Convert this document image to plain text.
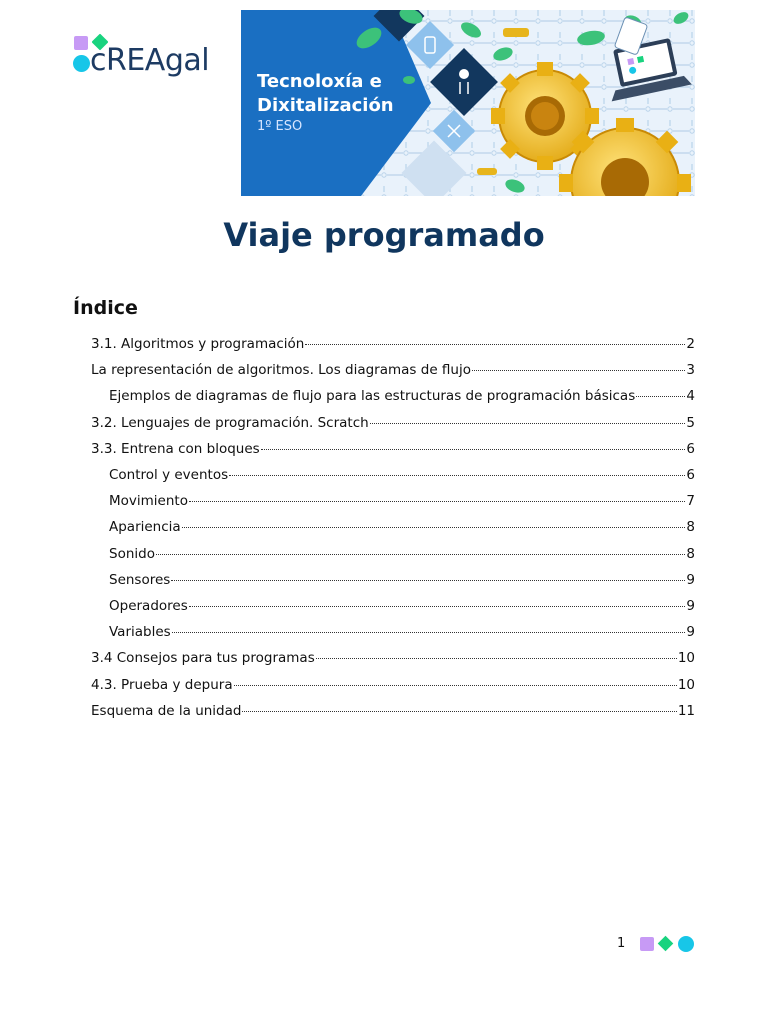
cREAgal
Tecnoloxía e
Dixitalización
1º ESO
Viaje programado
Índice
3.1. Algoritmos y programación	2
La representación de algoritmos. Los diagramas de flujo	3
Ejemplos de diagramas de flujo para las estructuras de programación básicas	4
3.2. Lenguajes de programación. Scratch	5
3.3. Entrena con bloques	6
Control y eventos	6
Movimiento	7
Apariencia	8
Sonido	8
Sensores	9
Operadores	9
Variables	9
3.4 Consejos para tus programas	10
4.3. Prueba y depura	10
Esquema de la unidad	11
1
